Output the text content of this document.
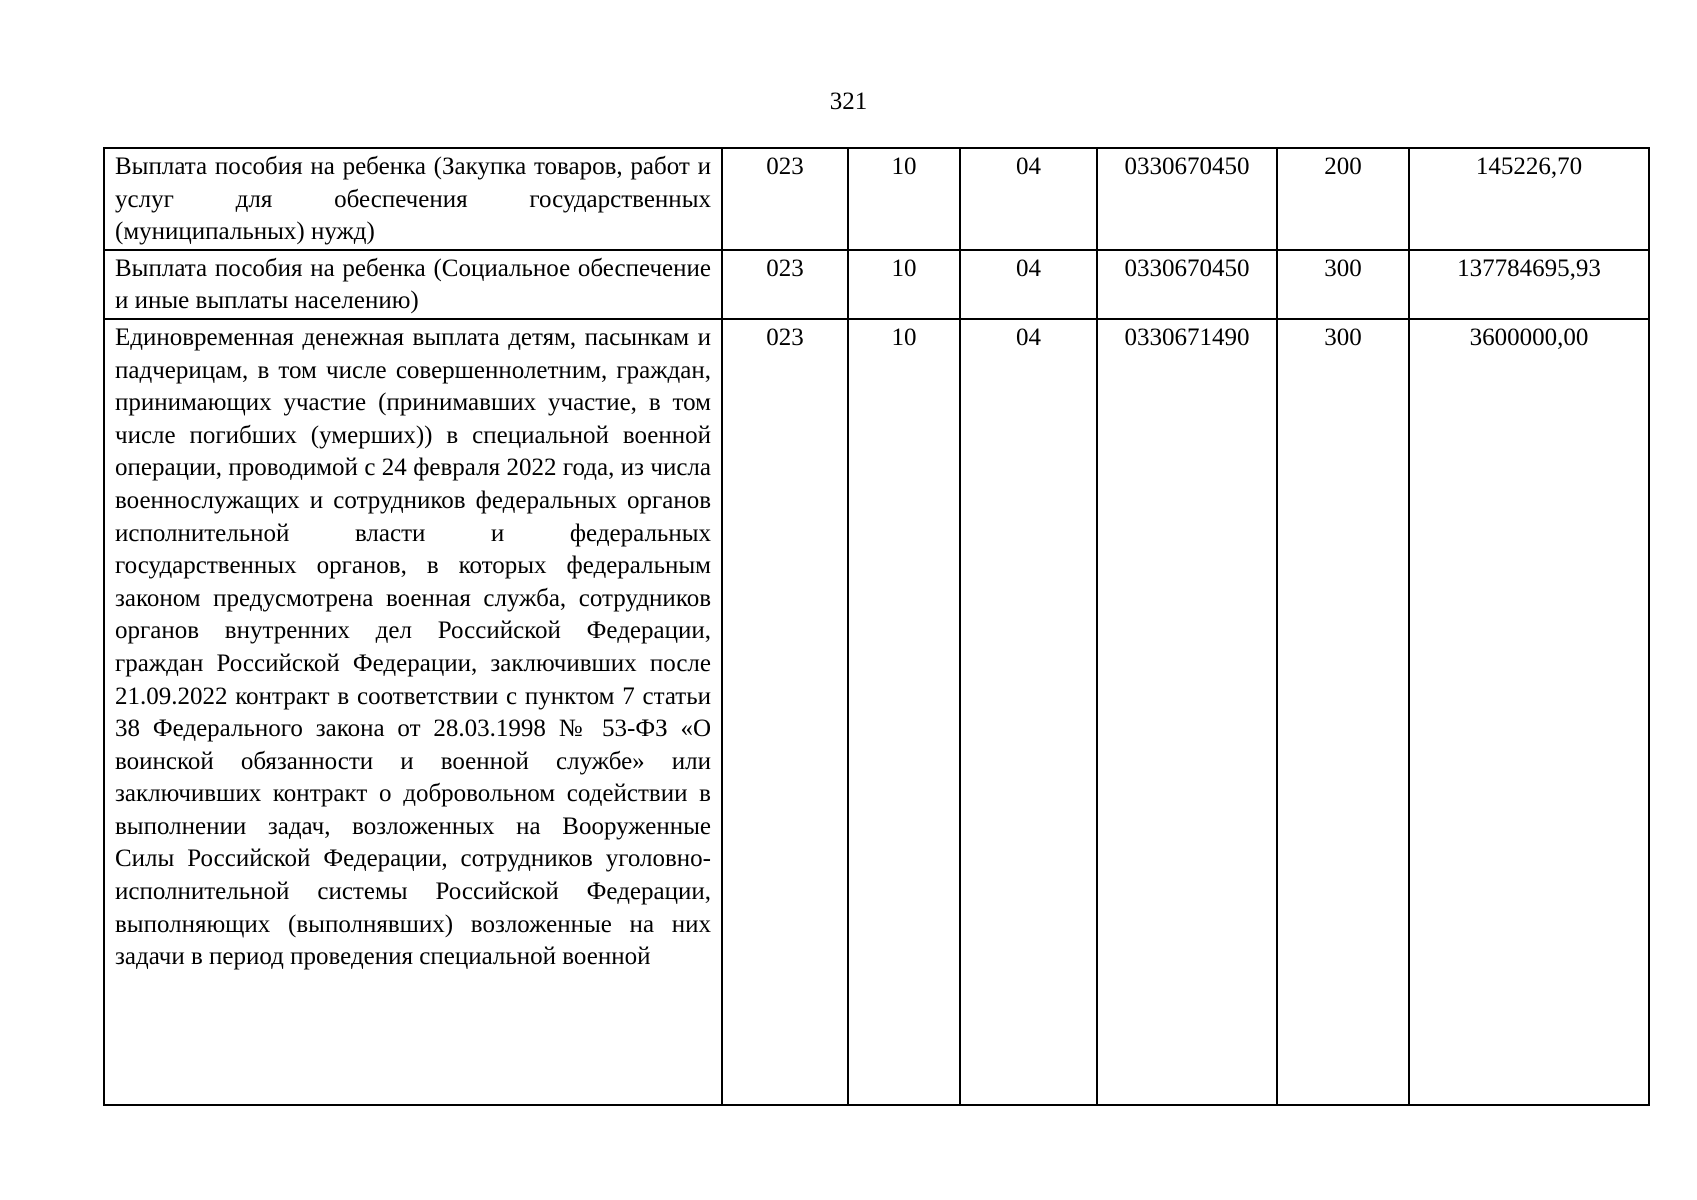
321
Выплата пособия на ребенка (Закупка товаров, работ и услуг для обеспечения государственных (муниципальных) нужд)	023	10	04	0330670450	200	145226,70
Выплата пособия на ребенка (Социальное обеспечение и иные выплаты населению)	023	10	04	0330670450	300	137784695,93
Единовременная денежная выплата детям, пасынкам и падчерицам, в том числе совершеннолетним, граждан, принимающих участие (принимавших участие, в том числе погибших (умерших)) в специальной военной операции, проводимой с 24 февраля 2022 года, из числа военнослужащих и сотрудников федеральных органов исполнительной власти и федеральных государственных органов, в которых федеральным законом предусмотрена военная служба, сотрудников органов внутренних дел Российской Федерации, граждан Российской Федерации, заключивших после 21.09.2022 контракт в соответствии с пунктом 7 статьи 38 Федерального закона от 28.03.1998 № 53-ФЗ «О воинской обязанности и военной службе» или заключивших контракт о добровольном содействии в выполнении задач, возложенных на Вооруженные Силы Российской Федерации, сотрудников уголовно-исполнительной системы Российской Федерации, выполняющих (выполнявших) возложенные на них задачи в период проведения специальной военной	023	10	04	0330671490	300	3600000,00
